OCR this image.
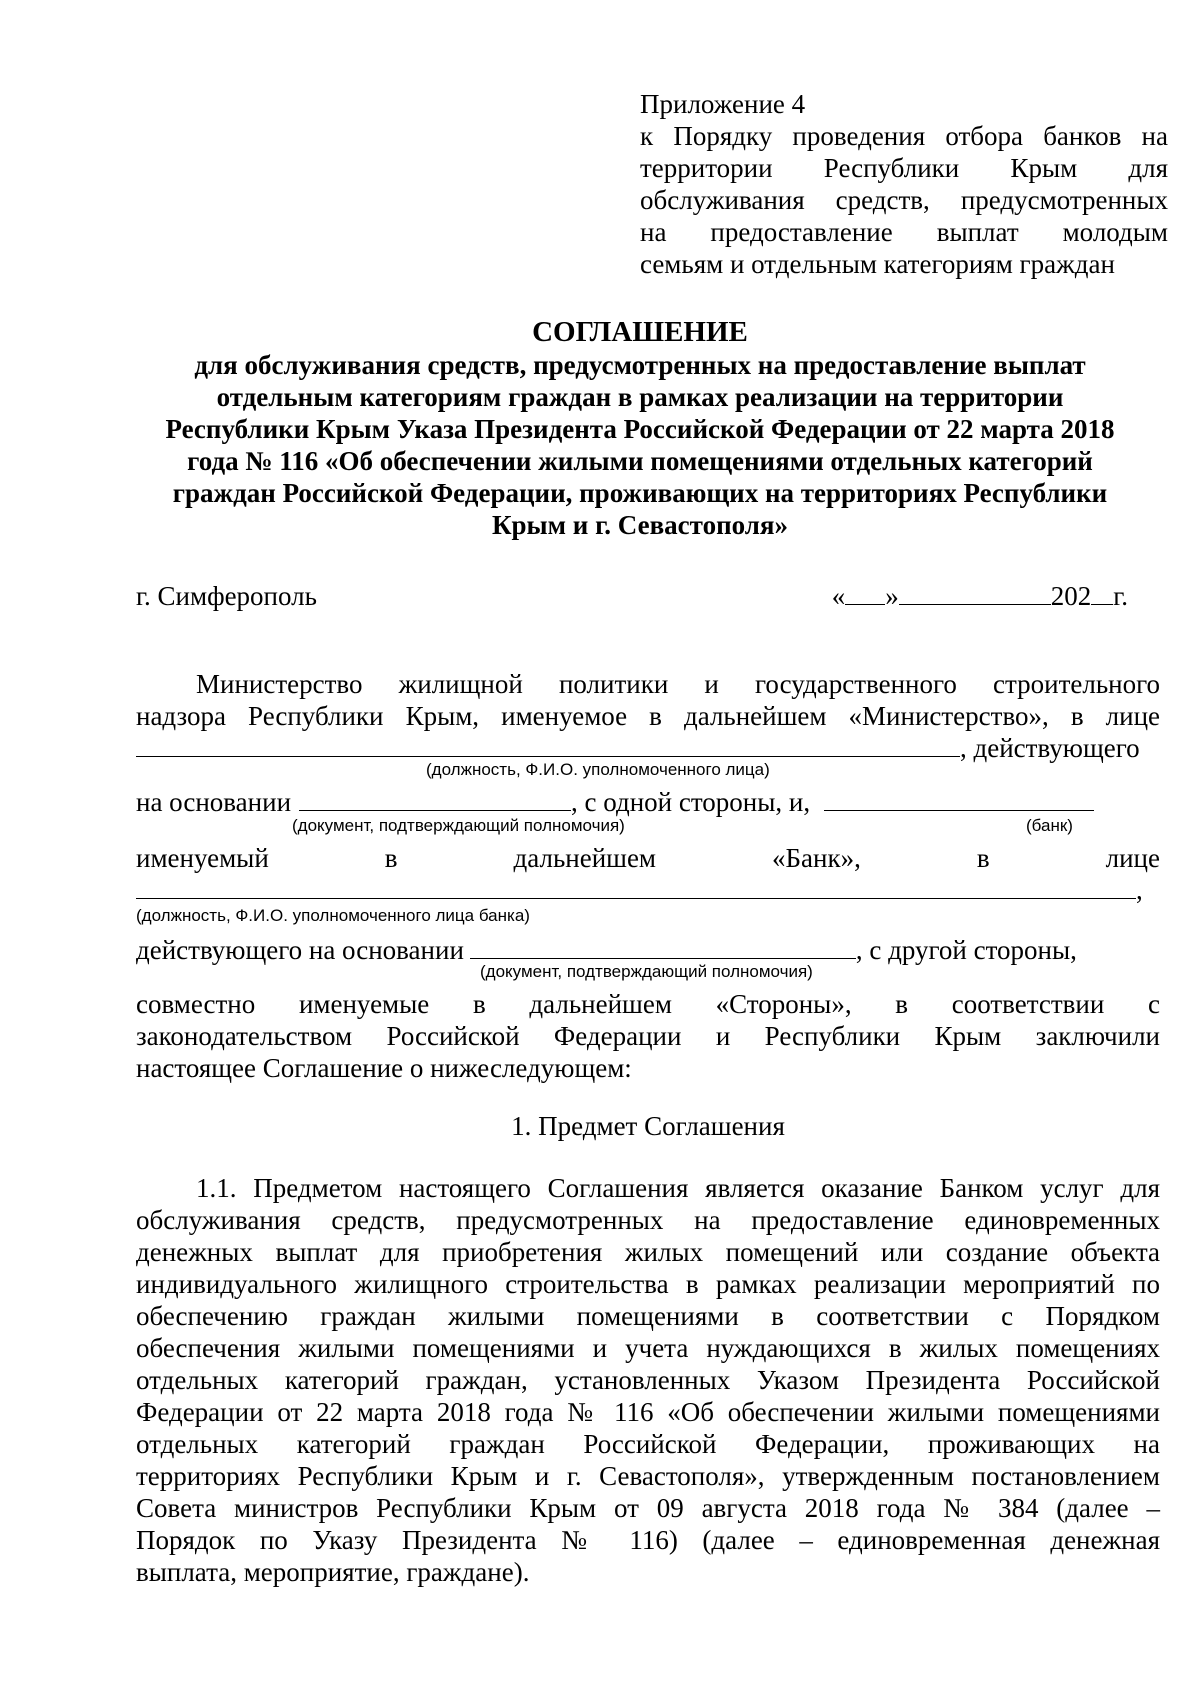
Приложение 4
к Порядку проведения отбора банков на
территории Республики Крым для
обслуживания средств, предусмотренных
на предоставление выплат молодым
семьям и отдельным категориям граждан
СОГЛАШЕНИЕ
для обслуживания средств, предусмотренных на предоставление выплат
отдельным категориям граждан в рамках реализации на территории
Республики Крым Указа Президента Российской Федерации от 22 марта 2018
года № 116 «Об обеспечении жилыми помещениями отдельных категорий
граждан Российской Федерации, проживающих на территориях Республики
Крым и г. Севастополя»
г. Симферополь	« »	202 г.
Министерство жилищной политики и государственного строительного
надзора Республики Крым, именуемое в дальнейшем «Министерство», в лице
, действующего
(должность, Ф.И.О. уполномоченного лица)
на основании	, с одной стороны, и,
(документ, подтверждающий полномочия)	(банк)
именуемый	в	дальнейшем	«Банк»,	в	лице
,
(должность, Ф.И.О. уполномоченного лица банка)
действующего на основании	, с другой стороны,
(документ, подтверждающий полномочия)
совместно именуемые в дальнейшем «Стороны», в соответствии с
законодательством Российской Федерации и Республики Крым заключили
настоящее Соглашение о нижеследующем:
1. Предмет Соглашения
1.1. Предметом настоящего Соглашения является оказание Банком услуг для
обслуживания средств, предусмотренных на предоставление единовременных
денежных выплат для приобретения жилых помещений или создание объекта
индивидуального жилищного строительства в рамках реализации мероприятий по
обеспечению граждан жилыми помещениями в соответствии с Порядком
обеспечения жилыми помещениями и учета нуждающихся в жилых помещениях
отдельных категорий граждан, установленных Указом Президента Российской
Федерации от 22 марта 2018 года № 116 «Об обеспечении жилыми помещениями
отдельных категорий граждан Российской Федерации, проживающих на
территориях Республики Крым и г. Севастополя», утвержденным постановлением
Совета министров Республики Крым от 09 августа 2018 года № 384 (далее –
Порядок по Указу Президента № 116) (далее – единовременная денежная
выплата, мероприятие, граждане).
